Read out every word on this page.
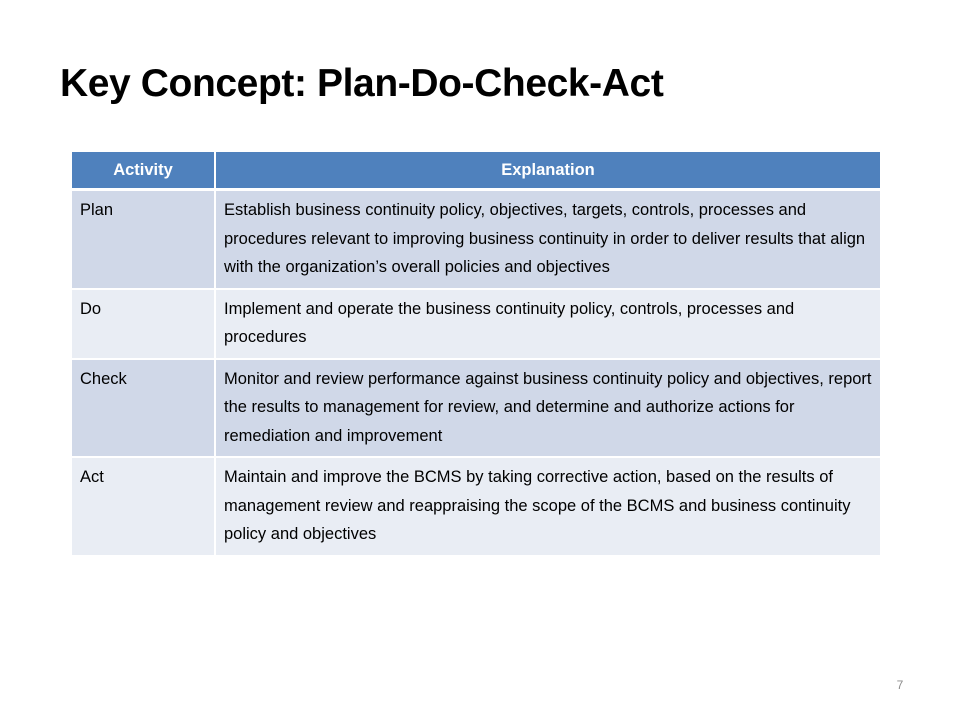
Key Concept: Plan-Do-Check-Act
Activity	Explanation
Plan	Establish business continuity policy, objectives, targets, controls, processes and procedures relevant to improving business continuity in order to deliver results that align with the organization’s overall policies and objectives
Do	Implement and operate the business continuity policy, controls, processes and procedures
Check	Monitor and review performance against business continuity policy and objectives, report the results to management for review, and determine and authorize actions for remediation and improvement
Act	Maintain and improve the BCMS by taking corrective action, based on the results of management review and reappraising the scope of the BCMS and business continuity policy and objectives
7
